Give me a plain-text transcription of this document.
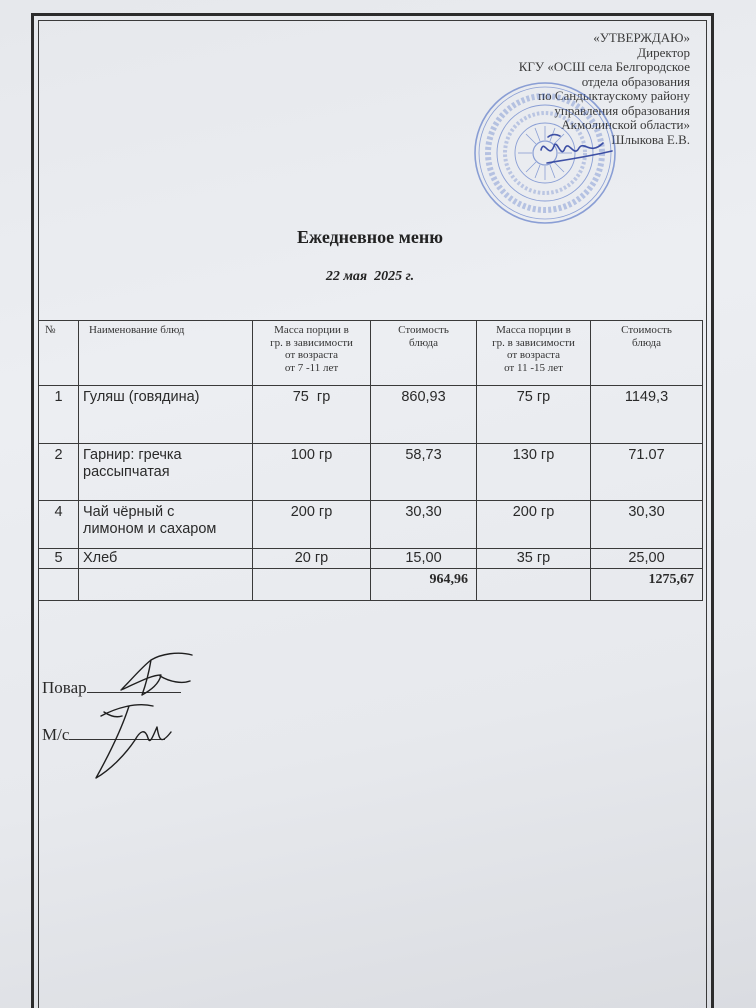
«УТВЕРЖДАЮ»
Директор
КГУ «ОСШ села Белгородское
отдела образования
по Сандыктаускому району
управления образования
Акмолинской области»
Шлыкова Е.В.
Ежедневное меню
22 мая  2025 г.
№	Наименование блюд	Масса порции в
гр. в зависимости
от возраста
от 7 -11 лет	Стоимость
блюда	Масса порции в
гр. в зависимости
от возраста
от 11 -15 лет	Стоимость
блюда
1	Гуляш (говядина)	75  гр	860,93	75 гр	1149,3
2	Гарнир: гречка
рассыпчатая	100 гр	58,73	130 гр	71.07
4	Чай чёрный с
лимоном и сахаром	200 гр	30,30	200 гр	30,30
5	Хлеб	20 гр	15,00	35 гр	25,00
			964,96		1275,67
Повар
М/с
